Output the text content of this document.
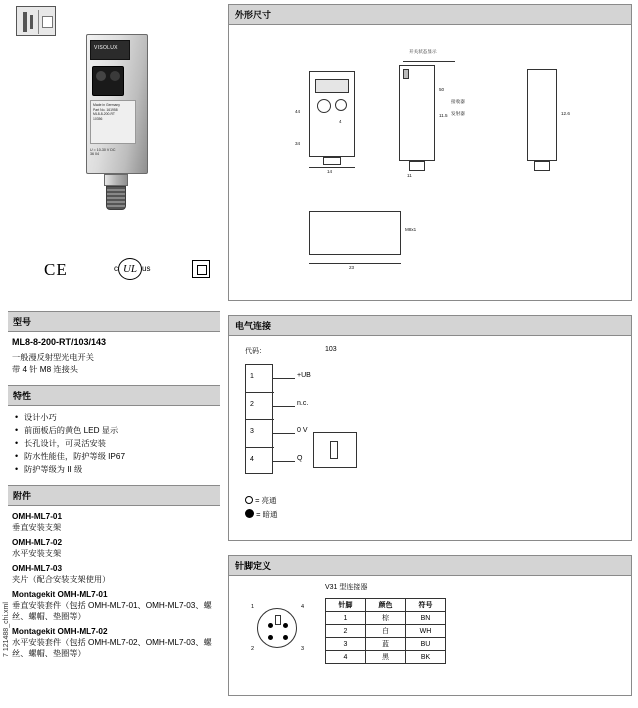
VISOLUX
Made in Germany
Part No. 161958
ML8-8-200-RT
10356
U = 10-30 V DC
36 04
CE	c UL us
型号
ML8-8-200-RT/103/143
一般漫反射型光电开关
带 4 针 M8 连接头
特性
• 设计小巧
• 前面板后的黄色 LED 显示
• 长孔设计，可灵活安装
• 防水性能佳，防护等级 IP67
• 防护等级为 II 级
附件
OMH-ML7-01
垂直安装支架
OMH-ML7-02
水平安装支架
OMH-ML7-03
夹片（配合安装支架使用）
Montagekit OMH-ML7-01
垂直安装套件（包括 OMH-ML7-01、OMH-ML7-03、螺丝、螺帽、垫圈等）
Montagekit OMH-ML7-02
水平安装套件（包括 OMH-ML7-02、OMH-ML7-03、螺丝、螺帽、垫圈等）
7 121488_chi.xml
外形尺寸
14
44
34
4
开关状态显示
11
50
11.5
接收器
发射器	12.6
23
M8x1
电气连接
代码：	103
1
2
3
4
+UB
n.c.
0 V
Q
= 亮通
= 暗通
针脚定义
V31 型连接器
1	4
2	3
针脚	颜色	符号
1	棕	BN
2	白	WH
3	蓝	BU
4	黑	BK
